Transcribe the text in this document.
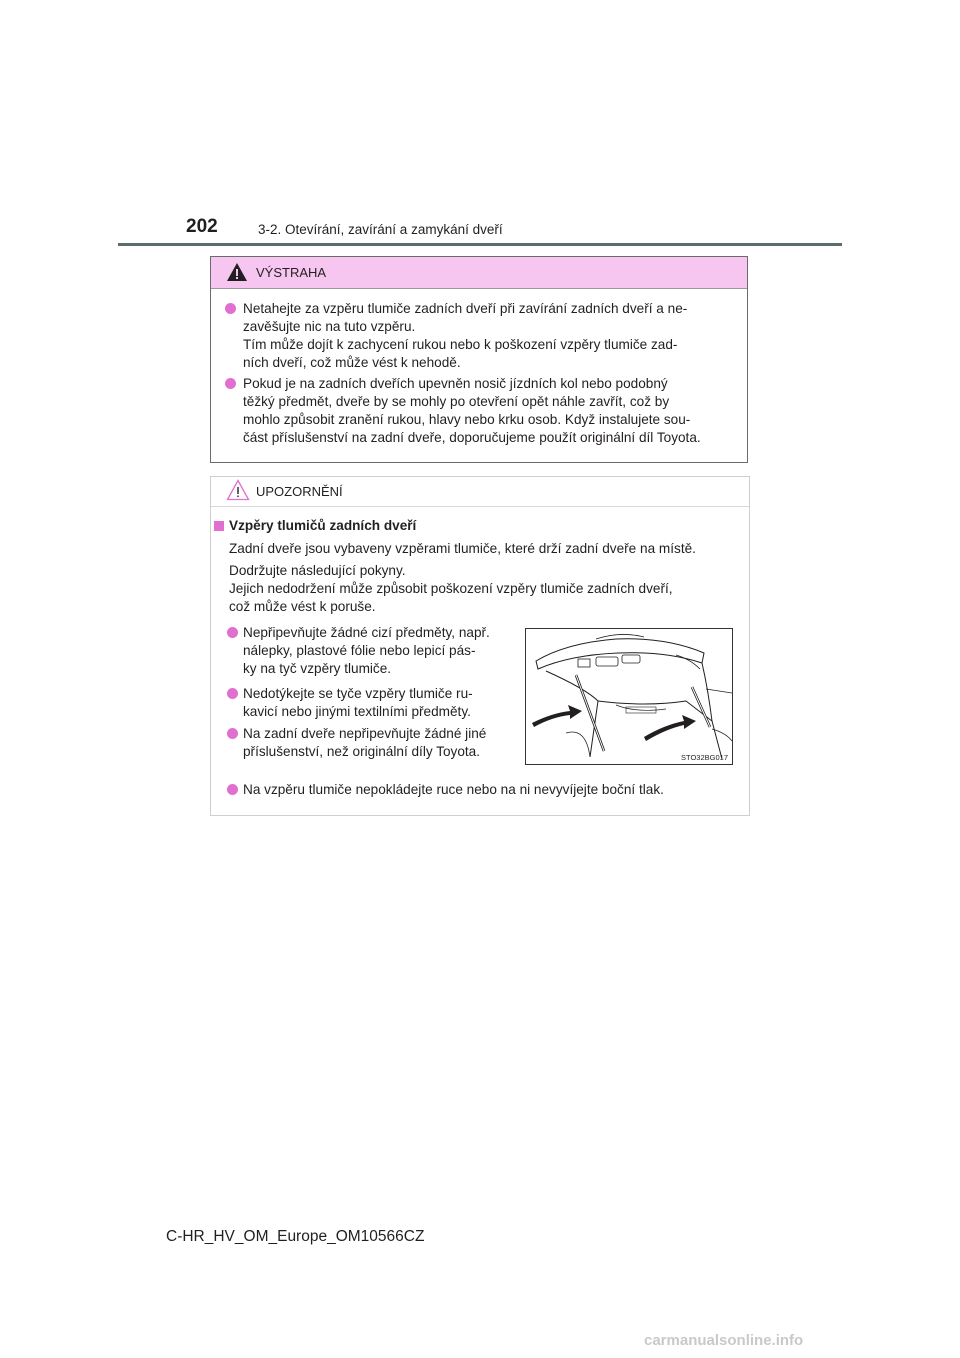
202	3-2. Otevírání, zavírání a zamykání dveří
VÝSTRAHA
Netahejte za vzpěru tlumiče zadních dveří při zavírání zadních dveří a ne-
zavěšujte nic na tuto vzpěru.
Tím může dojít k zachycení rukou nebo k poškození vzpěry tlumiče zad-
ních dveří, což může vést k nehodě.
Pokud je na zadních dveřích upevněn nosič jízdních kol nebo podobný
těžký předmět, dveře by se mohly po otevření opět náhle zavřít, což by
mohlo způsobit zranění rukou, hlavy nebo krku osob. Když instalujete sou-
část příslušenství na zadní dveře, doporučujeme použít originální díl Toyota.
UPOZORNĚNÍ
Vzpěry tlumičů zadních dveří
Zadní dveře jsou vybaveny vzpěrami tlumiče, které drží zadní dveře na místě.
Dodržujte následující pokyny.
Jejich nedodržení může způsobit poškození vzpěry tlumiče zadních dveří,
což může vést k poruše.
Nepřipevňujte žádné cizí předměty, např.
nálepky, plastové fólie nebo lepicí pás-
ky na tyč vzpěry tlumiče.
Nedotýkejte se tyče vzpěry tlumiče ru-
kavicí nebo jinými textilními předměty.
Na zadní dveře nepřipevňujte žádné jiné
příslušenství, než originální díly Toyota.	STO32BG017
Na vzpěru tlumiče nepokládejte ruce nebo na ni nevyvíjejte boční tlak.
C-HR_HV_OM_Europe_OM10566CZ
carmanualsonline.info
